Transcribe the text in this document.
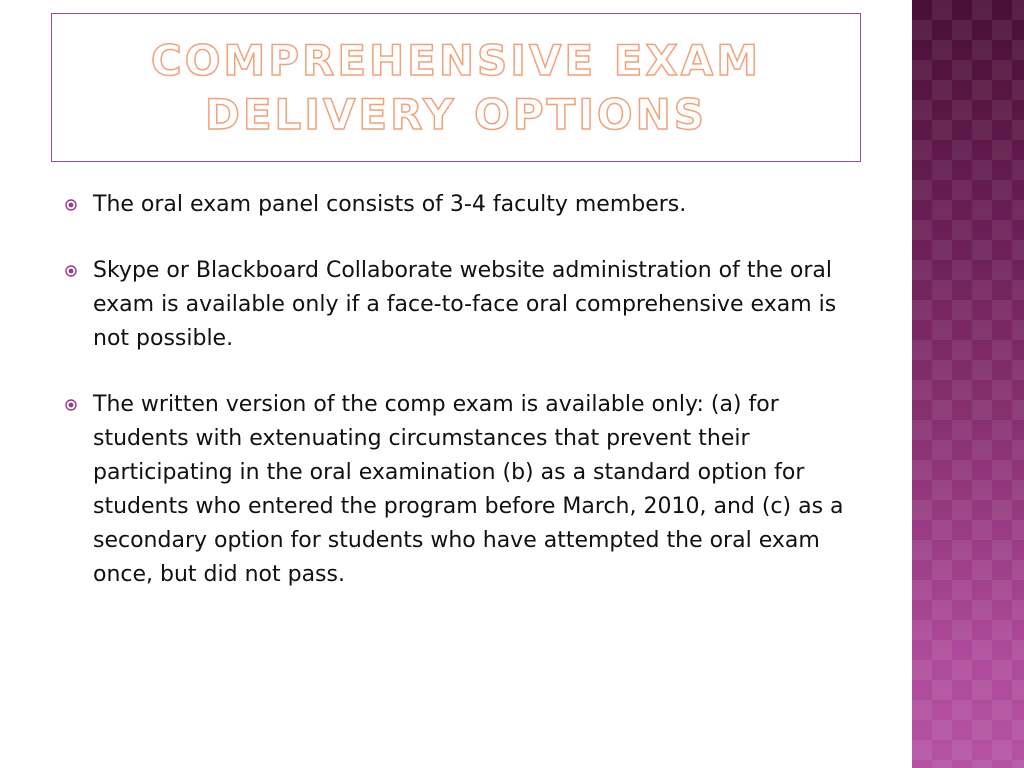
COMPREHENSIVE EXAM DELIVERY OPTIONS
The oral exam panel consists of 3-4 faculty members.
Skype or Blackboard Collaborate website administration of the oral exam is available only if a face-to-face oral comprehensive exam is not possible.
The written version of the comp exam is available only: (a) for students with extenuating circumstances that prevent their participating in the oral examination (b) as a standard option for students who entered the program before March, 2010, and (c) as a secondary option for students who have attempted the oral exam once, but did not pass.
